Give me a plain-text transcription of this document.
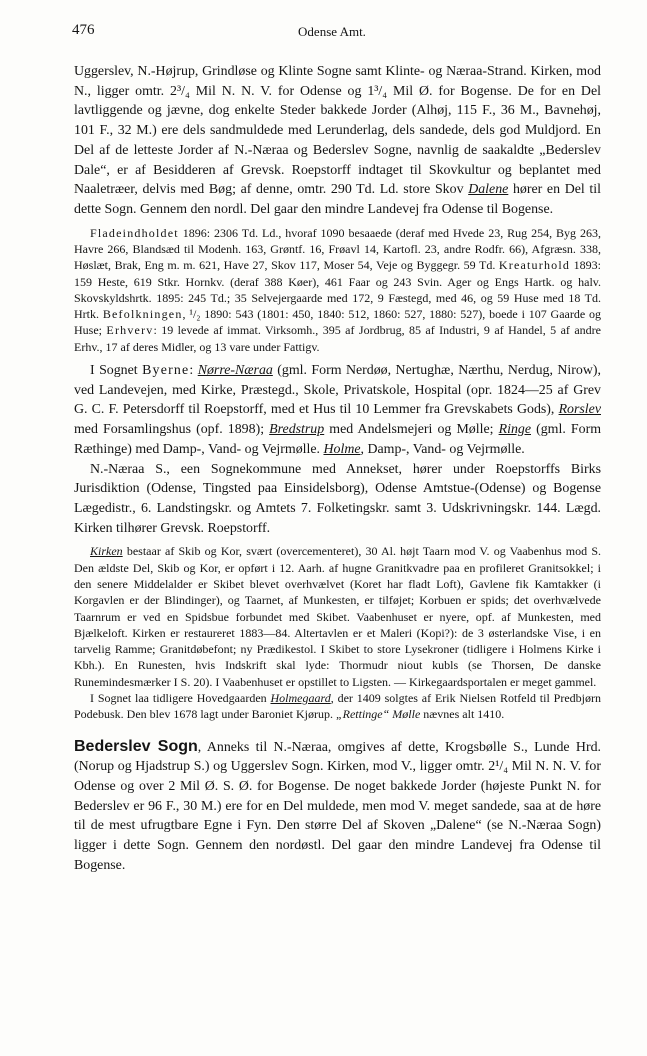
476	Odense Amt.

Uggerslev, N.-Højrup, Grindløse og Klinte Sogne samt Klinte- og Næraa-Strand. Kirken, mod N., ligger omtr. 2³/₄ Mil N. N. V. for Odense og 1³/₄ Mil Ø. for Bogense. De for en Del lavtliggende og jævne, dog enkelte Steder bakkede Jorder (Alhøj, 115 F., 36 M., Bavnehøj, 101 F., 32 M.) ere dels sandmuldede med Lerunderlag, dels sandede, dels god Muldjord. En Del af de letteste Jorder af N.-Næraa og Bederslev Sogne, navnlig de saakaldte „Bederslev Dale“, er af Besidderen af Grevsk. Roepstorff indtaget til Skovkultur og beplantet med Naaletræer, delvis med Bøg; af denne, omtr. 290 Td. Ld. store Skov Dalene hører en Del til dette Sogn. Gennem den nordl. Del gaar den mindre Landevej fra Odense til Bogense.

Fladeindholdet 1896: 2306 Td. Ld., hvoraf 1090 besaaede (deraf med Hvede 23, Rug 254, Byg 263, Havre 266, Blandsæd til Modenh. 163, Grøntf. 16, Frøavl 14, Kartofl. 23, andre Rodfr. 66), Afgræsn. 338, Høslæt, Brak, Eng m. m. 621, Have 27, Skov 117, Moser 54, Veje og Byggegr. 59 Td. Kreaturhold 1893: 159 Heste, 619 Stkr. Hornkv. (deraf 388 Køer), 461 Faar og 243 Svin. Ager og Engs Hartk. og halv. Skovskyldshrtk. 1895: 245 Td.; 35 Selvejergaarde med 172, 9 Fæstegd, med 46, og 59 Huse med 18 Td. Hrtk. Befolkningen, ¹/₂ 1890: 543 (1801: 450, 1840: 512, 1860: 527, 1880: 527), boede i 107 Gaarde og Huse; Erhverv: 19 levede af immat. Virksomh., 395 af Jordbrug, 85 af Industri, 9 af Handel, 5 af andre Erhv., 17 af deres Midler, og 13 vare under Fattigv.

I Sognet Byerne: Nørre-Næraa (gml. Form Nerdøø, Nertughæ, Nærthu, Nerdug, Nirow), ved Landevejen, med Kirke, Præstegd., Skole, Privatskole, Hospital (opr. 1824—25 af Grev G. C. F. Petersdorff til Roepstorff, med et Hus til 10 Lemmer fra Grevskabets Gods), Rorslev med Forsamlingshus (opf. 1898); Bredstrup med Andelsmejeri og Mølle; Ringe (gml. Form Ræthinge) med Damp-, Vand- og Vejrmølle. Holme, Damp-, Vand- og Vejrmølle.

N.-Næraa S., een Sognekommune med Annekset, hører under Roepstorffs Birks Jurisdiktion (Odense, Tingsted paa Einsidelsborg), Odense Amtstue-(Odense) og Bogense Lægedistr., 6. Landstingskr. og Amtets 7. Folketingskr. samt 3. Udskrivningskr. 144. Lægd. Kirken tilhører Grevsk. Roepstorff.

Kirken bestaar af Skib og Kor, svært (overcementeret), 30 Al. højt Taarn mod V. og Vaabenhus mod S. Den ældste Del, Skib og Kor, er opført i 12. Aarh. af hugne Granitkvadre paa en profileret Granitsokkel; i den senere Middelalder er Skibet blevet overhvælvet (Koret har fladt Loft), Gavlene fik Kamtakker (i Korgavlen er der Blindinger), og Taarnet, af Munkesten, er tilføjet; Korbuen er spids; det overhvælvede Taarnrum er ved en Spidsbue forbundet med Skibet. Vaabenhuset er nyere, opf. af Munkesten, med Bjælkeloft. Kirken er restaureret 1883—84. Altertavlen er et Maleri (Kopi?): de 3 østerlandske Vise, i en tarvelig Ramme; Granitdøbefont; ny Prædikestol. I Skibet to store Lysekroner (tidligere i Holmens Kirke i Kbh.). En Runesten, hvis Indskrift skal lyde: Thormudr niout kubls (se Thorsen, De danske Runemindesmærker I S. 20). I Vaabenhuset er opstillet to Ligsten. — Kirkegaardsportalen er meget gammel.

I Sognet laa tidligere Hovedgaarden Holmegaard, der 1409 solgtes af Erik Nielsen Rotfeld til Predbjørn Podebusk. Den blev 1678 lagt under Baroniet Kjørup. „Rettinge“ Mølle nævnes alt 1410.

Bederslev Sogn, Anneks til N.-Næraa, omgives af dette, Krogsbølle S., Lunde Hrd. (Norup og Hjadstrup S.) og Uggerslev Sogn. Kirken, mod V., ligger omtr. 2¹/₄ Mil N. N. V. for Odense og over 2 Mil Ø. S. Ø. for Bogense. De noget bakkede Jorder (højeste Punkt N. for Bederslev er 96 F., 30 M.) ere for en Del muldede, men mod V. meget sandede, saa at de høre til de mest ufrugtbare Egne i Fyn. Den større Del af Skoven „Dalene“ (se N.-Næraa Sogn) ligger i dette Sogn. Gennem den nordøstl. Del gaar den mindre Landevej fra Odense til Bogense.
